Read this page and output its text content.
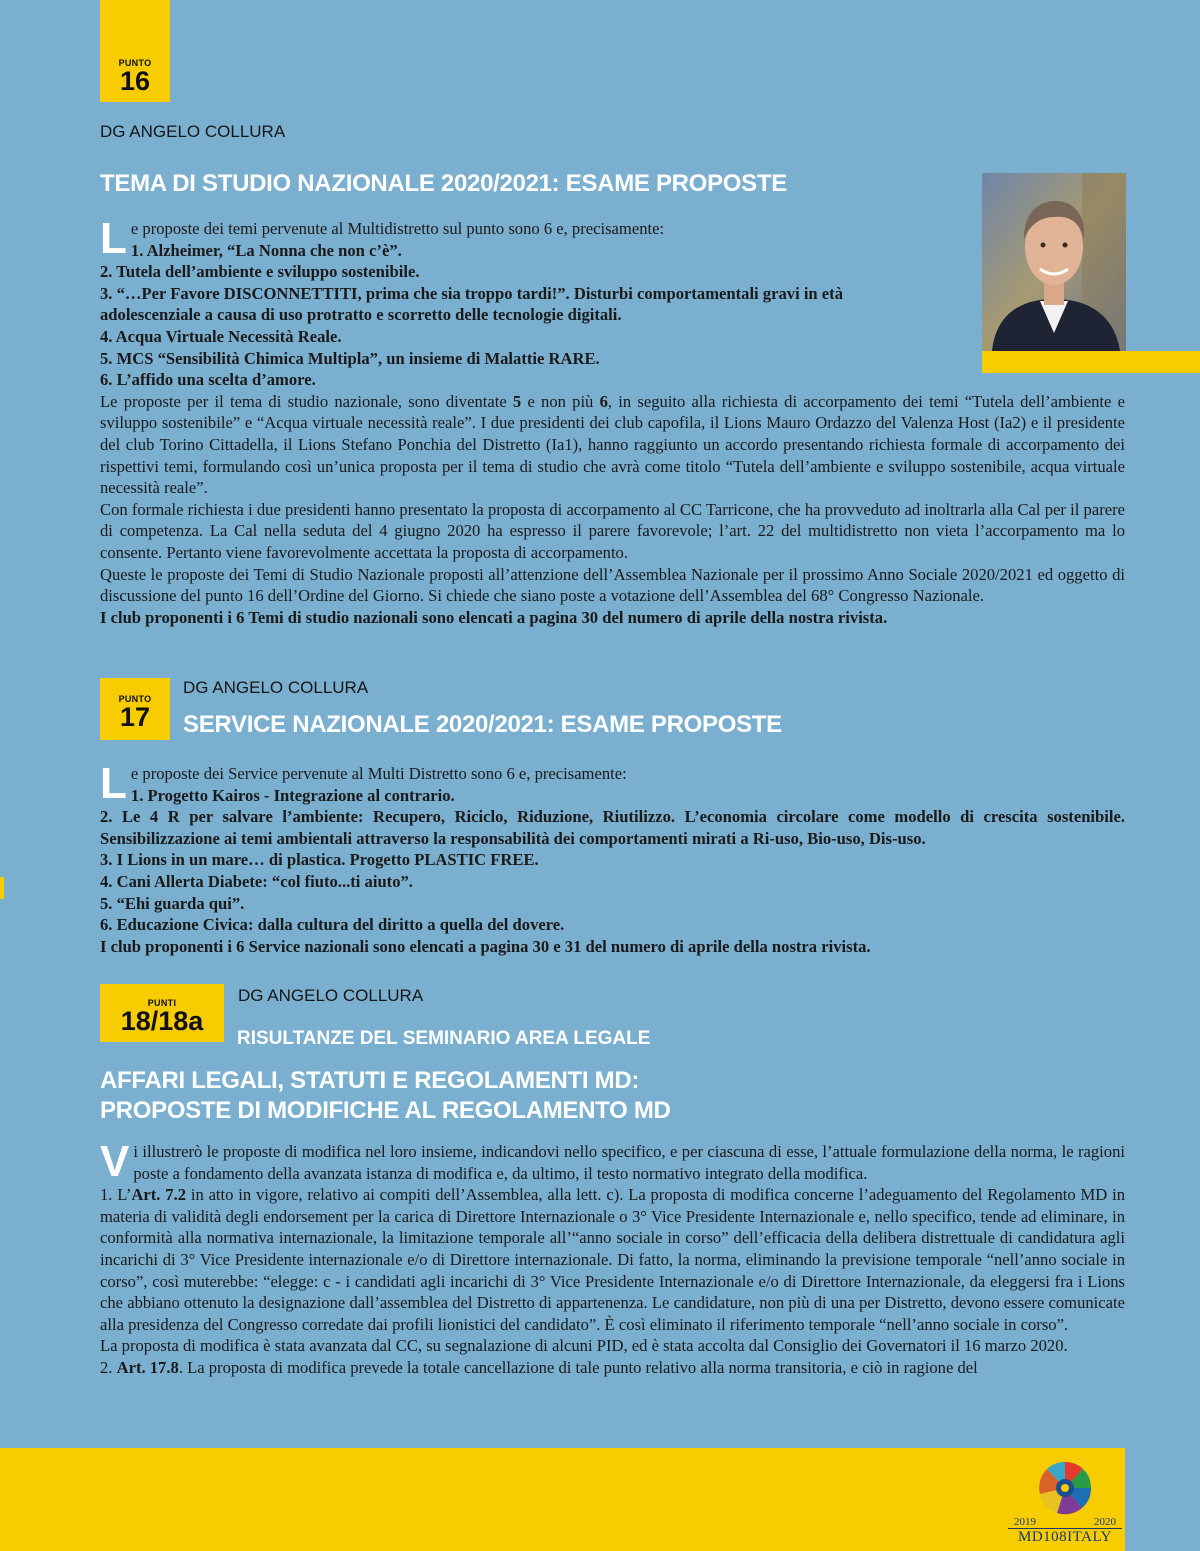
PUNTO
16
DG ANGELO COLLURA
TEMA DI STUDIO NAZIONALE 2020/2021: ESAME PROPOSTE
L e proposte dei temi pervenute al Multidistretto sul punto sono 6 e, precisamente:

1. Alzheimer, “La Nonna che non c’è”.

2. Tutela dell’ambiente e sviluppo sostenibile.

3. “…Per Favore DISCONNETTITI, prima che sia troppo tardi!”. Disturbi comportamentali gravi in età adolescenziale a causa di uso protratto e scorretto delle tecnologie digitali.

4. Acqua Virtuale Necessità Reale.

5. MCS “Sensibilità Chimica Multipla”, un insieme di Malattie RARE.

6. L’affido una scelta d’amore.

Le proposte per il tema di studio nazionale, sono diventate 5 e non più 6, in seguito alla richiesta di accorpamento dei temi “Tutela dell’ambiente e sviluppo sostenibile” e “Acqua virtuale necessità reale”. I due presidenti dei club capofila, il Lions Mauro Ordazzo del Valenza Host (Ia2) e il presidente del club Torino Cittadella, il Lions Stefano Ponchia del Distretto (Ia1), hanno raggiunto un accordo presentando richiesta formale di accorpamento dei rispettivi temi, formulando così un’unica proposta per il tema di studio che avrà come titolo “Tutela dell’ambiente e sviluppo sostenibile, acqua virtuale necessità reale”.

Con formale richiesta i due presidenti hanno presentato la proposta di accorpamento al CC Tarricone, che ha provveduto ad inoltrarla alla Cal per il parere di competenza. La Cal nella seduta del 4 giugno 2020 ha espresso il parere favorevole; l’art. 22 del multidistretto non vieta l’accorpamento ma lo consente. Pertanto viene favorevolmente accettata la proposta di accorpamento.

Queste le proposte dei Temi di Studio Nazionale proposti all’attenzione dell’Assemblea Nazionale per il prossimo Anno Sociale 2020/2021 ed oggetto di discussione del punto 16 dell’Ordine del Giorno. Si chiede che siano poste a votazione dell’Assemblea del 68° Congresso Nazionale.

I club proponenti i 6 Temi di studio nazionali sono elencati a pagina 30 del numero di aprile della nostra rivista.

PUNTO
17
DG ANGELO COLLURA
SERVICE NAZIONALE 2020/2021: ESAME PROPOSTE
L e proposte dei Service pervenute al Multi Distretto sono 6 e, precisamente:

1. Progetto Kairos - Integrazione al contrario.

2. Le 4 R per salvare l’ambiente: Recupero, Riciclo, Riduzione, Riutilizzo. L’economia circolare come modello di crescita sostenibile. Sensibilizzazione ai temi ambientali attraverso la responsabilità dei comportamenti mirati a Ri-uso, Bio-uso, Dis-uso.

3. I Lions in un mare… di plastica. Progetto PLASTIC FREE.

4. Cani Allerta Diabete: “col fiuto...ti aiuto”.

5. “Ehi guarda qui”.

6. Educazione Civica: dalla cultura del diritto a quella del dovere.

I club proponenti i 6 Service nazionali sono elencati a pagina 30 e 31 del numero di aprile della nostra rivista.

PUNTI
18/18a
DG ANGELO COLLURA
RISULTANZE DEL SEMINARIO AREA LEGALE
AFFARI LEGALI, STATUTI E REGOLAMENTI MD:
PROPOSTE DI MODIFICHE AL REGOLAMENTO MD
V i illustrerò le proposte di modifica nel loro insieme, indicandovi nello specifico, e per ciascuna di esse, l’attuale formulazione della norma, le ragioni poste a fondamento della avanzata istanza di modifica e, da ultimo, il testo normativo integrato della modifica.

1. L’Art. 7.2 in atto in vigore, relativo ai compiti dell’Assemblea, alla lett. c). La proposta di modifica concerne l’adeguamento del Regolamento MD in materia di validità degli endorsement per la carica di Direttore Internazionale o 3° Vice Presidente Internazionale e, nello specifico, tende ad eliminare, in conformità alla normativa internazionale, la limitazione temporale all’“anno sociale in corso” dell’efficacia della delibera distrettuale di candidatura agli incarichi di 3° Vice Presidente internazionale e/o di Direttore internazionale. Di fatto, la norma, eliminando la previsione temporale “nell’anno sociale in corso”, così muterebbe: “elegge: c - i candidati agli incarichi di 3° Vice Presidente Internazionale e/o di Direttore Internazionale, da eleggersi fra i Lions che abbiano ottenuto la designazione dall’assemblea del Distretto di appartenenza. Le candidature, non più di una per Distretto, devono essere comunicate alla presidenza del Congresso corredate dai profili lionistici del candidato”. È così eliminato il riferimento temporale “nell’anno sociale in corso”.

La proposta di modifica è stata avanzata dal CC, su segnalazione di alcuni PID, ed è stata accolta dal Consiglio dei Governatori il 16 marzo 2020.

2. Art. 17.8. La proposta di modifica prevede la totale cancellazione di tale punto relativo alla norma transitoria, e ciò in ragione del

2019	2020
MD108ITALY
